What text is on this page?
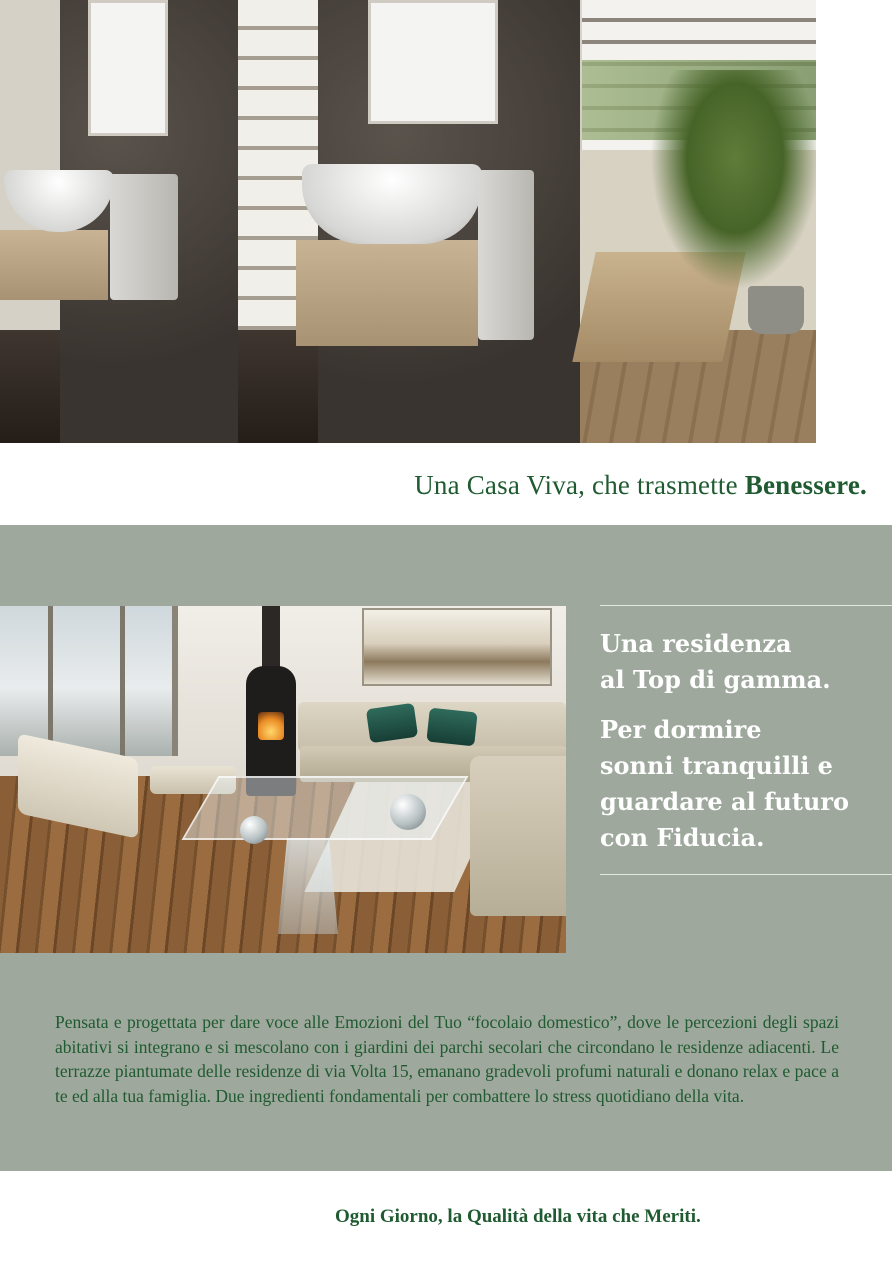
Una Casa Viva, che trasmette Benessere.
Una residenza
al Top di gamma.
Per dormire
sonni tranquilli e
guardare al futuro
con Fiducia.

Pensata e progettata per dare voce alle Emozioni del Tuo “focolaio domestico”, dove le percezioni degli spazi abitativi si integrano e si mescolano con i giardini dei parchi secolari che circondano le residenze adiacenti. Le terrazze piantumate delle residenze di via Volta 15, emanano gradevoli profumi naturali e donano relax e pace a te ed alla tua famiglia. Due ingredienti fondamentali per combattere lo stress quotidiano della vita.

Ogni Giorno, la Qualità della vita che Meriti.
